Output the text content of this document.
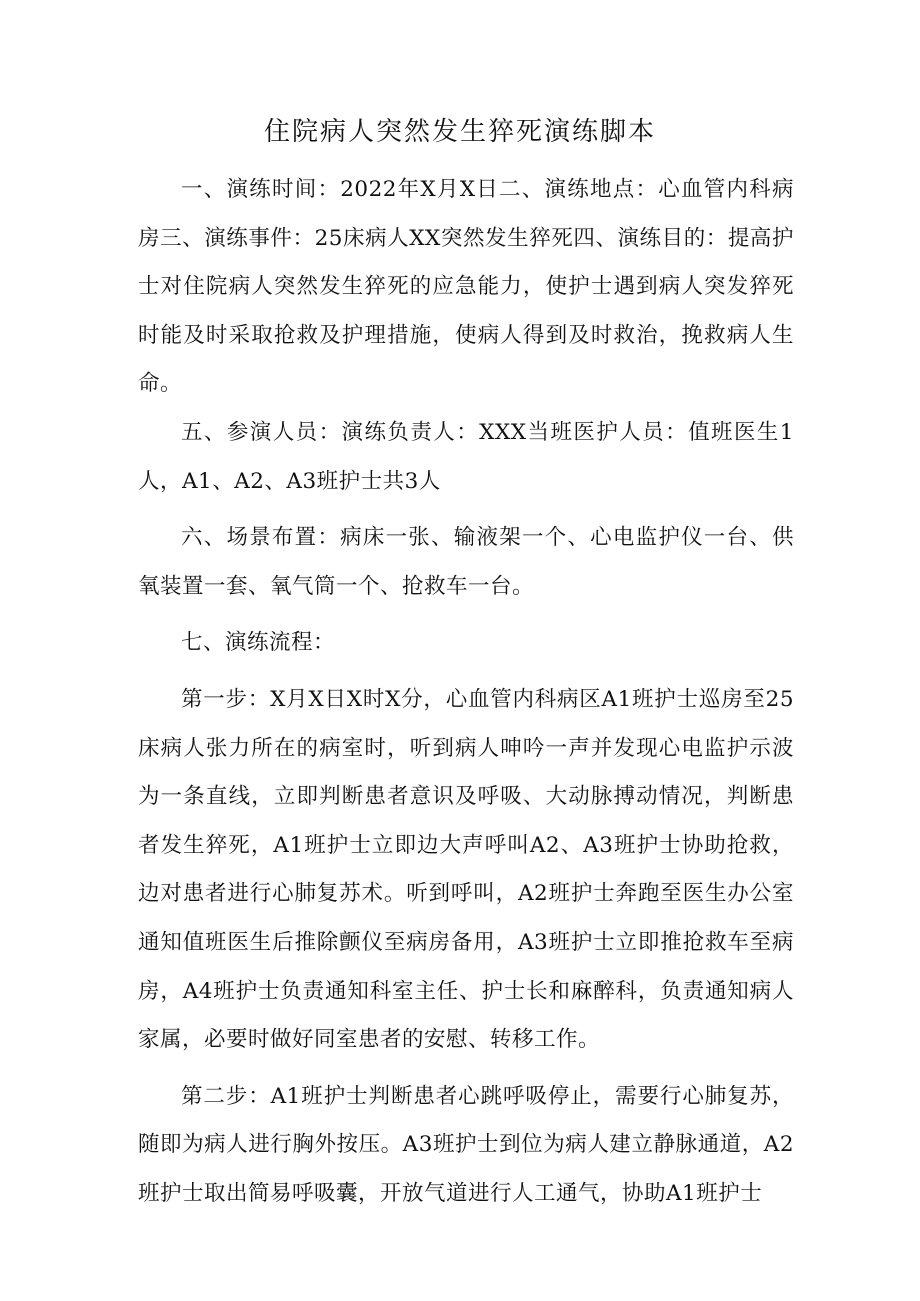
住院病人突然发生猝死演练脚本

一、演练时间：2022年X月X日二、演练地点：心血管内科病房三、演练事件：25床病人XX突然发生猝死四、演练目的：提高护士对住院病人突然发生猝死的应急能力，使护士遇到病人突发猝死时能及时采取抢救及护理措施，使病人得到及时救治，挽救病人生命。

五、参演人员：演练负责人：XXX当班医护人员：值班医生1人，A1、A2、A3班护士共3人

六、场景布置：病床一张、输液架一个、心电监护仪一台、供氧装置一套、氧气筒一个、抢救车一台。

七、演练流程：

第一步：X月X日X时X分，心血管内科病区A1班护士巡房至25床病人张力所在的病室时，听到病人呻吟一声并发现心电监护示波为一条直线，立即判断患者意识及呼吸、大动脉搏动情况，判断患者发生猝死，A1班护士立即边大声呼叫A2、A3班护士协助抢救，边对患者进行心肺复苏术。听到呼叫，A2班护士奔跑至医生办公室通知值班医生后推除颤仪至病房备用，A3班护士立即推抢救车至病房，A4班护士负责通知科室主任、护士长和麻醉科，负责通知病人家属，必要时做好同室患者的安慰、转移工作。

第二步：A1班护士判断患者心跳呼吸停止，需要行心肺复苏，随即为病人进行胸外按压。A3班护士到位为病人建立静脉通道，A2班护士取出简易呼吸囊，开放气道进行人工通气，协助A1班护士
